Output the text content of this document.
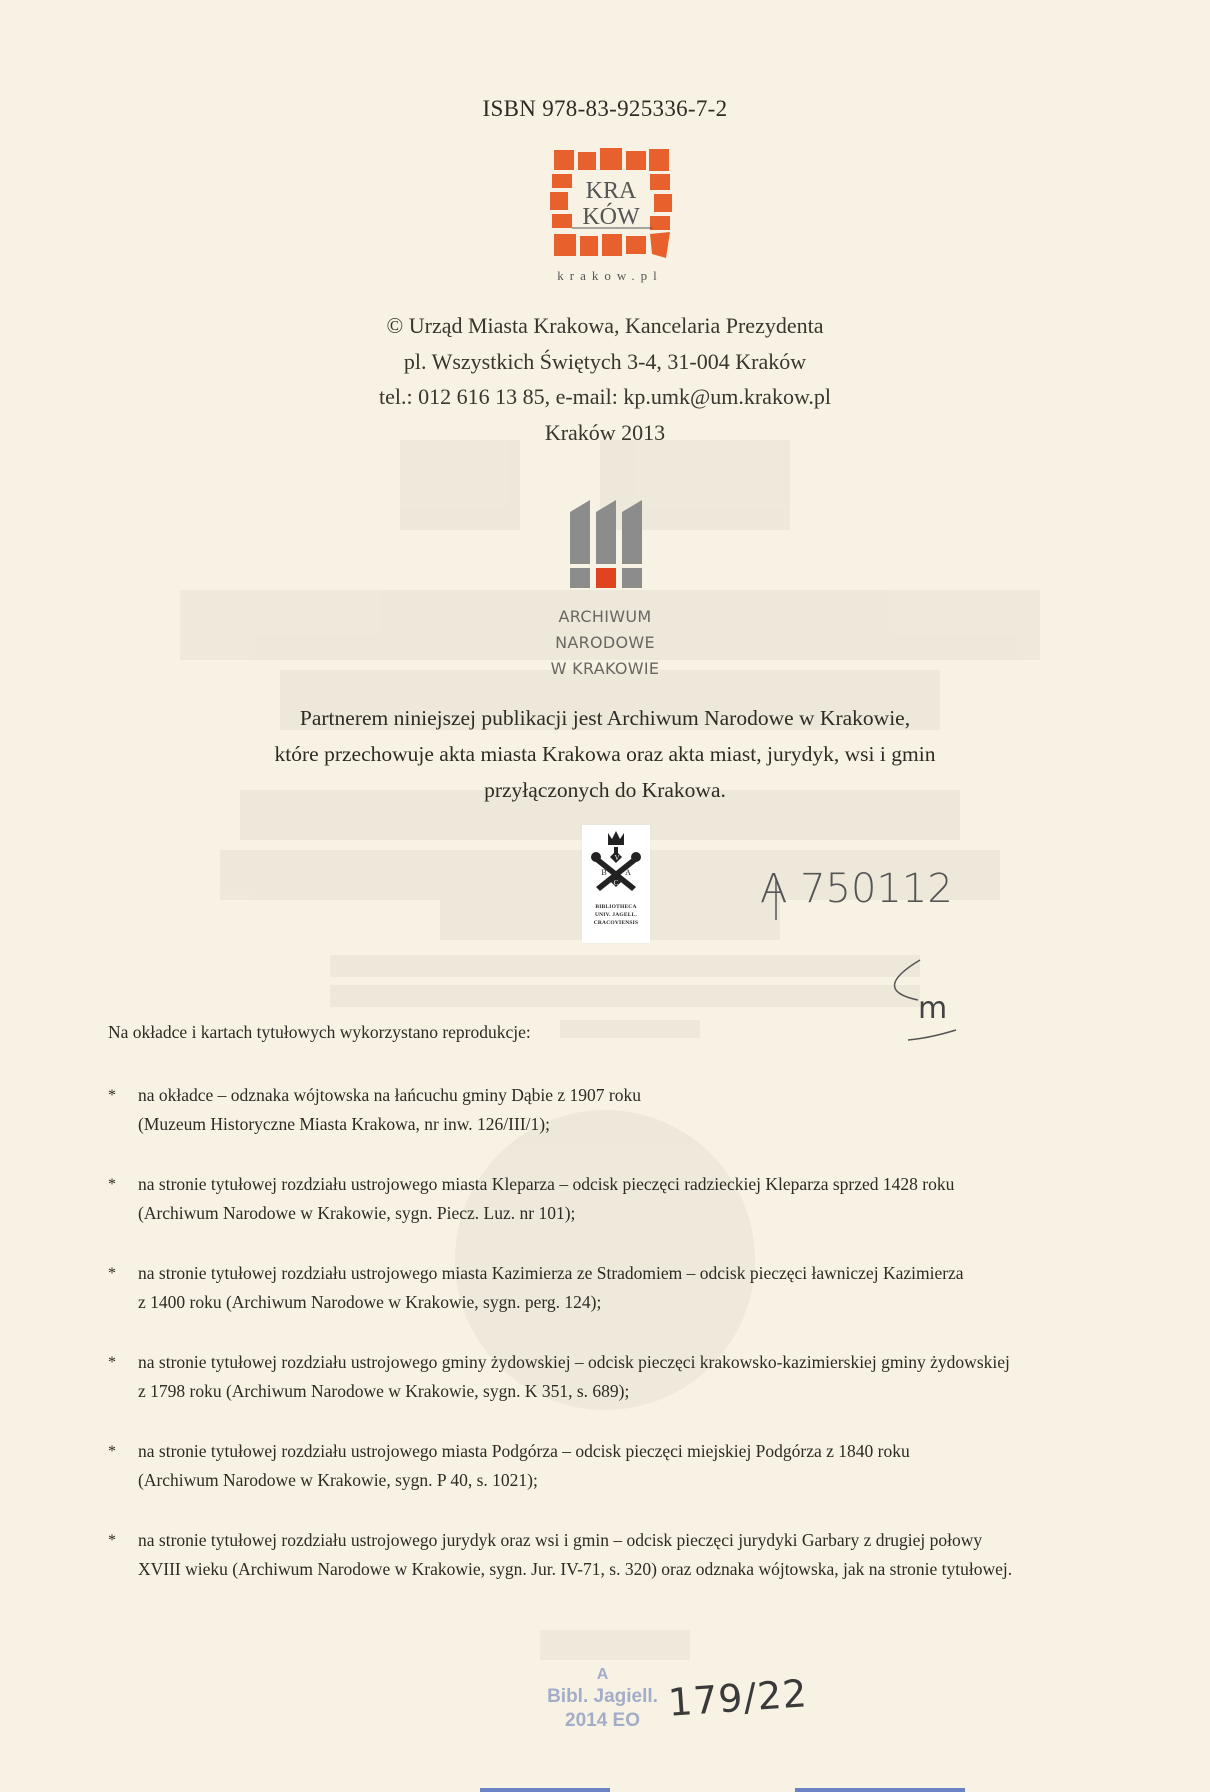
ISBN 978-83-925336-7-2
KRA
KÓW
krakow.pl
© Urząd Miasta Krakowa, Kancelaria Prezydenta
pl. Wszystkich Świętych 3-4, 31-004 Kraków
tel.: 012 616 13 85, e-mail: kp.umk@um.krakow.pl
Kraków 2013
ARCHIWUM
NARODOWE
W KRAKOWIE
Partnerem niniejszej publikacji jest Archiwum Narodowe w Krakowie,
które przechowuje akta miasta Krakowa oraz akta miast, jurydyk, wsi i gmin
przyłączonych do Krakowa.
V
B A
C
BIBLIOTHECA
UNIV. JAGELL.
CRACOVIENSIS
A 750112
m
Na okładce i kartach tytułowych wykorzystano reprodukcje:
* na okładce – odznaka wójtowska na łańcuchu gminy Dąbie z 1907 roku
(Muzeum Historyczne Miasta Krakowa, nr inw. 126/III/1);
* na stronie tytułowej rozdziału ustrojowego miasta Kleparza – odcisk pieczęci radzieckiej Kleparza sprzed 1428 roku
(Archiwum Narodowe w Krakowie, sygn. Piecz. Luz. nr 101);
* na stronie tytułowej rozdziału ustrojowego miasta Kazimierza ze Stradomiem – odcisk pieczęci ławniczej Kazimierza
z 1400 roku (Archiwum Narodowe w Krakowie, sygn. perg. 124);
* na stronie tytułowej rozdziału ustrojowego gminy żydowskiej – odcisk pieczęci krakowsko-kazimierskiej gminy żydowskiej
z 1798 roku (Archiwum Narodowe w Krakowie, sygn. K 351, s. 689);
* na stronie tytułowej rozdziału ustrojowego miasta Podgórza – odcisk pieczęci miejskiej Podgórza z 1840 roku
(Archiwum Narodowe w Krakowie, sygn. P 40, s. 1021);
* na stronie tytułowej rozdziału ustrojowego jurydyk oraz wsi i gmin – odcisk pieczęci jurydyki Garbary z drugiej połowy
XVIII wieku (Archiwum Narodowe w Krakowie, sygn. Jur. IV-71, s. 320) oraz odznaka wójtowska, jak na stronie tytułowej.
A
Bibl. Jagiell.
2014 EO 179/22
